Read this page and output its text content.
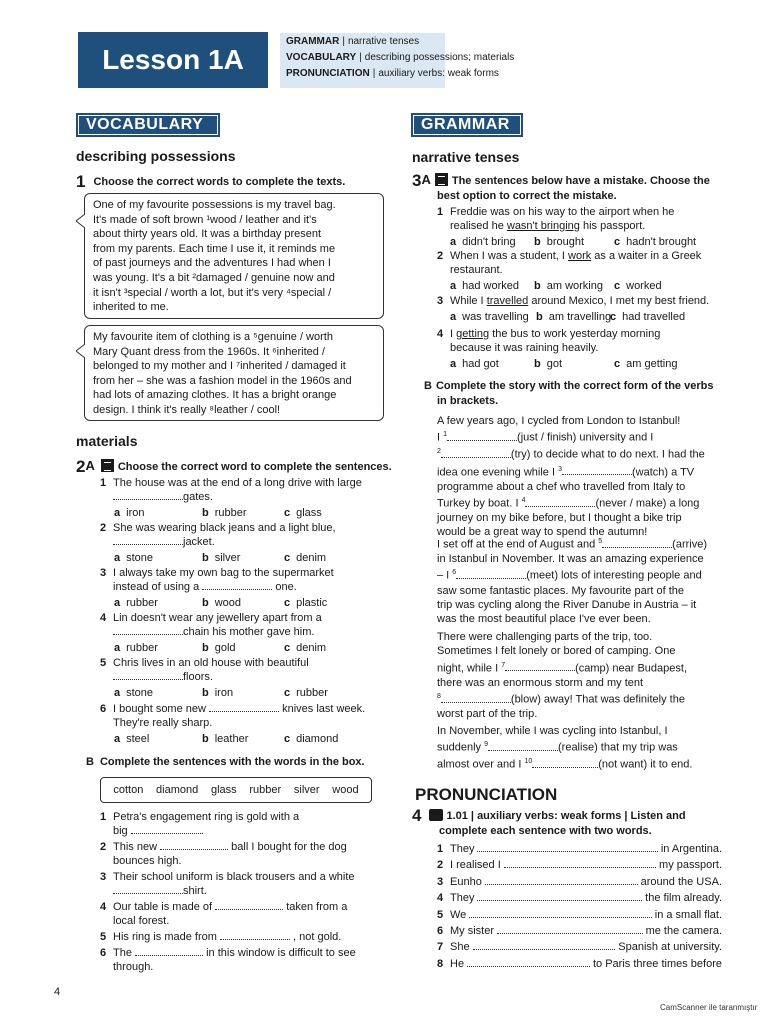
Lesson 1A
GRAMMAR | narrative tenses
VOCABULARY | describing possessions; materials
PRONUNCIATION | auxiliary verbs: weak forms
VOCABULARY
describing possessions
1 Choose the correct words to complete the texts.
One of my favourite possessions is my travel bag.
It's made of soft brown ¹wood / leather and it's
about thirty years old. It was a birthday present
from my parents. Each time I use it, it reminds me
of past journeys and the adventures I had when I
was young. It's a bit ²damaged / genuine now and
it isn't ³special / worth a lot, but it's very ⁴special /
inherited to me.
My favourite item of clothing is a ⁵genuine / worth
Mary Quant dress from the 1960s. It ⁶inherited /
belonged to my mother and I ⁷inherited / damaged it
from her – she was a fashion model in the 1960s and
had lots of amazing clothes. It has a bright orange
design. I think it's really ⁸leather / cool!
materials
2A Choose the correct word to complete the sentences.
1 The house was at the end of a long drive with large
gates.
a iron	b rubber	c glass
2 She was wearing black jeans and a light blue,
jacket.
a stone	b silver	c denim
3 I always take my own bag to the supermarket
instead of using a	one.
a rubber	b wood	c plastic
4 Lin doesn't wear any jewellery apart from a
chain his mother gave him.
a rubber	b gold	c denim
5 Chris lives in an old house with beautiful
floors.
a stone	b iron	c rubber
6 I bought some new	knives last week.
They're really sharp.
a steel	b leather	c diamond
B Complete the sentences with the words in the box.
cotton diamond glass rubber silver wood
1 Petra's engagement ring is gold with a
big	.
2 This new	ball I bought for the dog
bounces high.
3 Their school uniform is black trousers and a white
shirt.
4 Our table is made of	taken from a
local forest.
5 His ring is made from	, not gold.
6 The	in this window is difficult to see
through.
GRAMMAR
narrative tenses
3A The sentences below have a mistake. Choose the
best option to correct the mistake.
1 Freddie was on his way to the airport when he
realised he wasn't bringing his passport.
a didn't bring b brought	c hadn't brought
2 When I was a student, I work as a waiter in a Greek
restaurant.
a had worked b am working c worked
3 While I travelled around Mexico, I met my best friend.
a was travelling b am travelling
c had travelled
4 I getting the bus to work yesterday morning
because it was raining heavily.
a had got	b got	c am getting
B Complete the story with the correct form of the verbs
in brackets.
A few years ago, I cycled from London to Istanbul!
I $^1$	(just / finish) university and I
$^2$	(try) to decide what to do next. I had the
idea one evening while I $^3$	(watch) a TV
programme about a chef who travelled from Italy to
Turkey by boat. I $^4$	(never / make) a long
journey on my bike before, but I thought a bike trip
would be a great way to spend the autumn!
I set off at the end of August and $^5$	(arrive)
in Istanbul in November. It was an amazing experience
– I $^6$	(meet) lots of interesting people and
saw some fantastic places. My favourite part of the
trip was cycling along the River Danube in Austria – it
was the most beautiful place I've ever been.
There were challenging parts of the trip, too.
Sometimes I felt lonely or bored of camping. One
night, while I $^7$	(camp) near Budapest,
there was an enormous storm and my tent
$^8$	(blow) away! That was definitely the
worst part of the trip.
In November, while I was cycling into Istanbul, I
suddenly $^9$	(realise) that my trip was
almost over and I $^{10}$	(not want) it to end.
PRONUNCIATION
4 1.01 | auxiliary verbs: weak forms | Listen and
complete each sentence with two words.
1 They	in Argentina.
2 I realised I	my passport.
3 Eunho	around the USA.
4 They	the film already.
5 We	in a small flat.
6 My sister	me the camera.
7 She	Spanish at university.
8 He	to Paris three times before
4
CamScanner ile taranmıştır
